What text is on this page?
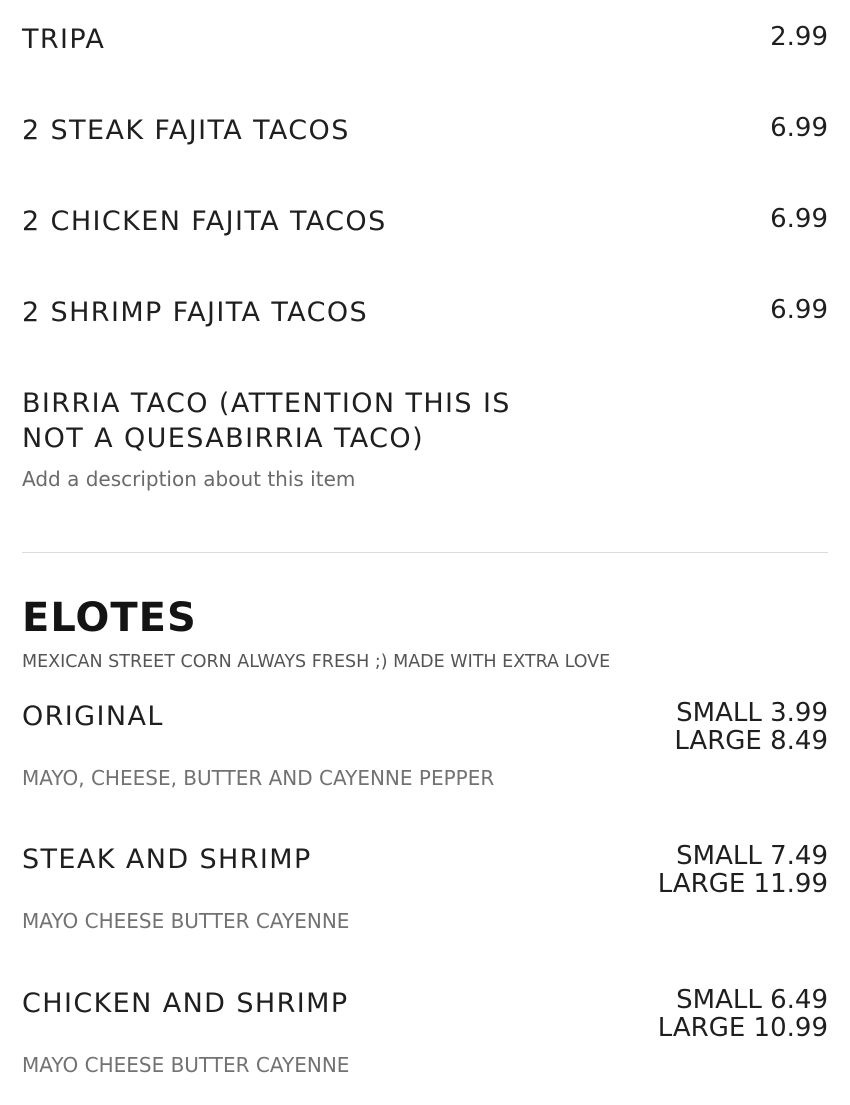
TRIPA	2.99
2 STEAK FAJITA TACOS	6.99
2 CHICKEN FAJITA TACOS	6.99
2 SHRIMP FAJITA TACOS	6.99
BIRRIA TACO (ATTENTION THIS IS NOT A QUESABIRRIA TACO)
Add a description about this item
ELOTES
MEXICAN STREET CORN ALWAYS FRESH ;) MADE WITH EXTRA LOVE
ORIGINAL	SMALL 3.99
LARGE 8.49
MAYO, CHEESE, BUTTER AND CAYENNE PEPPER
STEAK AND SHRIMP	SMALL 7.49
LARGE 11.99
MAYO CHEESE BUTTER CAYENNE
CHICKEN AND SHRIMP	SMALL 6.49
LARGE 10.99
MAYO CHEESE BUTTER CAYENNE
